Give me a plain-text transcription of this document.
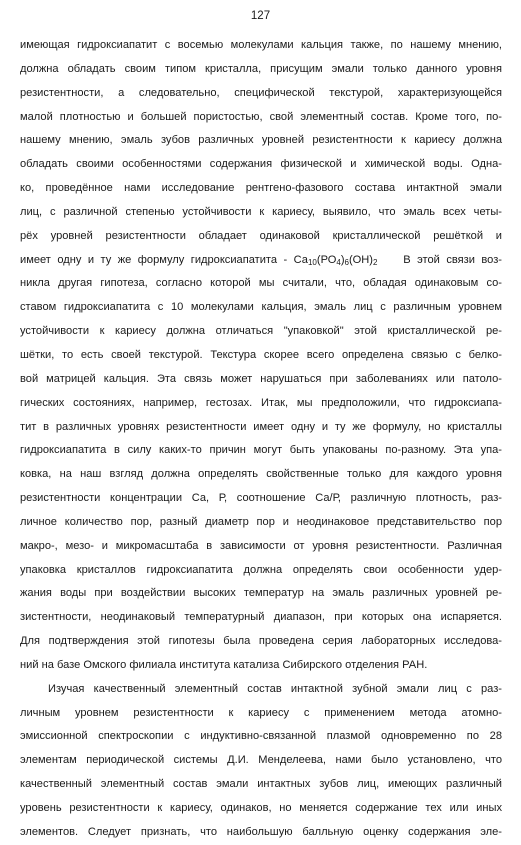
127
имеющая гидроксиапатит с восемью молекулами кальция также, по нашему мнению,
должна обладать своим типом кристалла, присущим эмали только данного уровня
резистентности, а следовательно, специфической текстурой, характеризующейся
малой плотностью и большей пористостью, свой элементный состав. Кроме того, по-
нашему мнению, эмаль зубов различных уровней резистентности к кариесу должна
обладать своими особенностями содержания физической и химической воды. Одна-
ко, проведённое нами исследование рентгено-фазового состава интактной эмали
лиц, с различной степенью устойчивости к кариесу, выявило, что эмаль всех четы-
рёх уровней резистентности обладает одинаковой кристаллической решёткой и
имеет одну и ту же формулу гидроксиапатита - $Са_{10}(РО_4)_6(ОН)_2$    В этой связи воз-
никла другая гипотеза, согласно которой мы считали, что, обладая одинаковым со-
ставом гидроксиапатита с 10 молекулами кальция, эмаль лиц с различным уровнем
устойчивости к кариесу должна отличаться "упаковкой" этой кристаллической ре-
шётки, то есть своей текстурой. Текстура скорее всего определена связью с белко-
вой матрицей кальция. Эта связь может нарушаться при заболеваниях или патоло-
гических состояниях, например, гестозах. Итак, мы предположили, что гидроксиапа-
тит в различных уровнях резистентности имеет одну и ту же формулу, но кристаллы
гидроксиапатита в силу каких-то причин могут быть упакованы по-разному. Эта упа-
ковка, на наш взгляд должна определять свойственные только для каждого уровня
резистентности концентрации Са, Р, соотношение Са/Р, различную плотность, раз-
личное количество пор, разный диаметр пор и неодинаковое представительство пор
макро-, мезо- и микромасштаба в зависимости от уровня резистентности. Различная
упаковка кристаллов гидроксиапатита должна определять свои особенности удер-
жания воды при воздействии высоких температур на эмаль различных уровней ре-
зистентности, неодинаковый температурный диапазон, при которых она испаряется.
Для подтверждения этой гипотезы была проведена серия лабораторных исследова-
ний на базе Омского филиала института катализа Сибирского отделения РАН.
Изучая качественный элементный состав интактной зубной эмали лиц с раз-
личным уровнем резистентности к кариесу с применением метода атомно-
эмиссионной спектроскопии с индуктивно-связанной плазмой одновременно по 28
элементам периодической системы Д.И. Менделеева, нами было установлено, что
качественный элементный состав эмали интактных зубов лиц, имеющих различный
уровень резистентности к кариесу, одинаков, но меняется содержание тех или иных
элементов. Следует признать, что наибольшую балльную оценку содержания эле-
